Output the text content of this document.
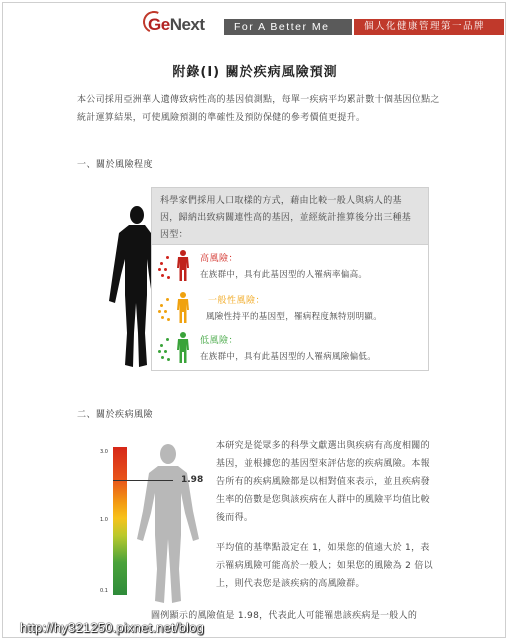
GeNext	For A Better Me	個人化健康管理第一品牌
附錄(I) 關於疾病風險預測
本公司採用亞洲華人遺傳致病性高的基因偵測點，每單一疾病平均累計數十個基因位點之統計運算結果，可使風險預測的準確性及預防保健的參考價值更提升。
一、關於風險程度
科學家們採用人口取樣的方式，藉由比較一般人與病人的基因，歸納出致病關連性高的基因，並經統計推算後分出三種基因型：
高風險：
在族群中，具有此基因型的人罹病率偏高。
一般性風險：
風險性持平的基因型，罹病程度無特別明顯。
低風險：
在族群中，具有此基因型的人罹病風險偏低。
二、關於疾病風險
3.0
1.0
0.1
1.98
本研究是從眾多的科學文獻選出與疾病有高度相關的基因，並根據您的基因型來評估您的疾病風險。本報告所有的疾病風險都是以相對值來表示，並且疾病發生率的倍數是您與該疾病在人群中的風險平均值比較後而得。
平均值的基準點設定在 1，如果您的值遠大於 1，表示罹病風險可能高於一般人；如果您的風險為 2 倍以上，則代表您是該疾病的高風險群。
圖例顯示的風險值是 1.98，代表此人可能罹患該疾病是一般人的
http://hy321250.pixnet.net/blog
